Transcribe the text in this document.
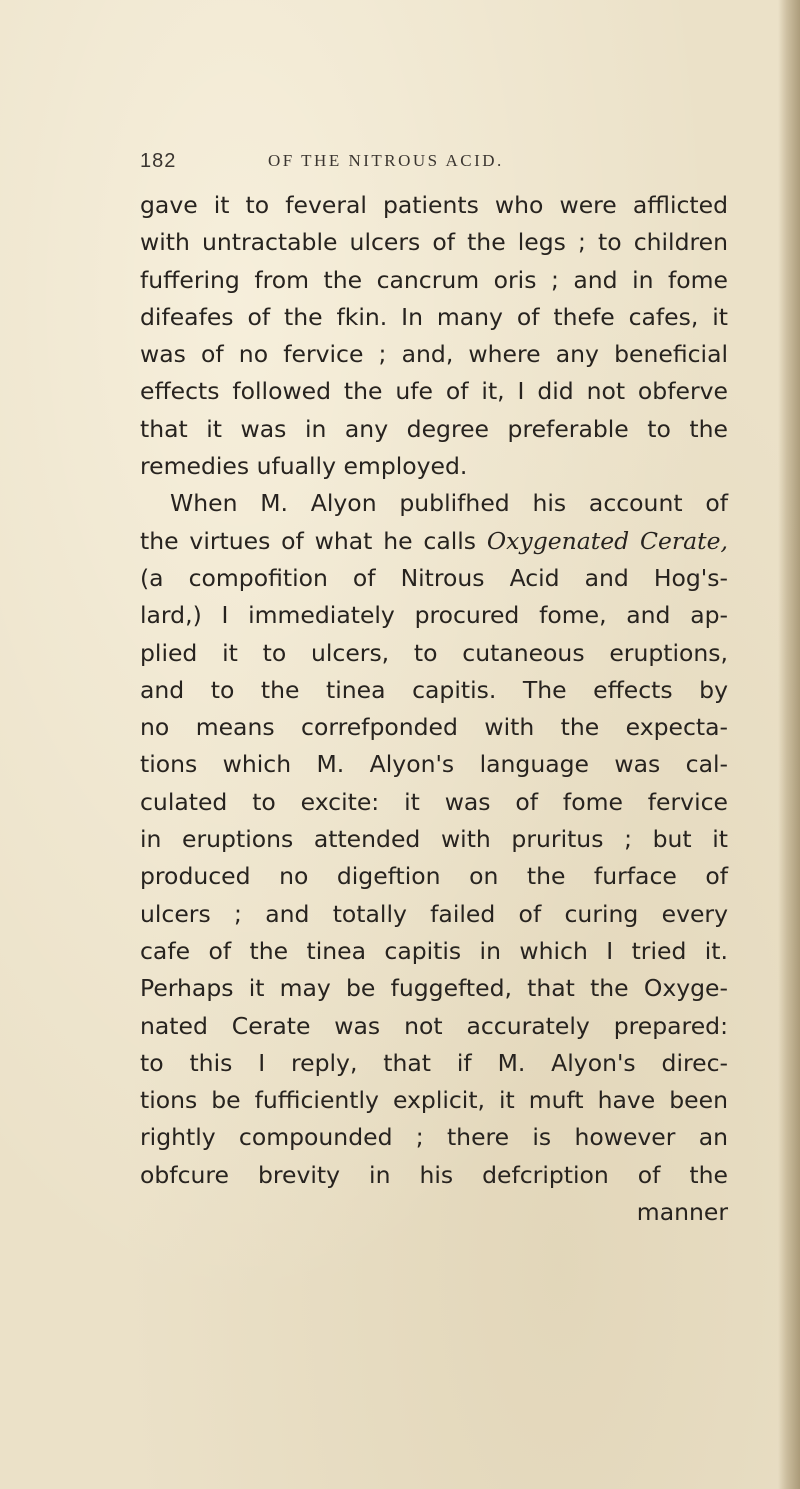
182	OF THE NITROUS ACID.
gave it to feveral patients who were afflicted
with untractable ulcers of the legs ; to children
fuffering from the cancrum oris ; and in fome
difeafes of the fkin. In many of thefe cafes, it
was of no fervice ; and, where any beneficial
effects followed the ufe of it, I did not obferve
that it was in any degree preferable to the
remedies ufually employed.
When M. Alyon publifhed his account of
the virtues of what he calls Oxygenated Cerate,
(a compofition of Nitrous Acid and Hog's-
lard,) I immediately procured fome, and ap-
plied it to ulcers, to cutaneous eruptions,
and to the tinea capitis. The effects by
no means correfponded with the expecta-
tions which M. Alyon's language was cal-
culated to excite: it was of fome fervice
in eruptions attended with pruritus ; but it
produced no digeftion on the furface of
ulcers ; and totally failed of curing every
cafe of the tinea capitis in which I tried it.
Perhaps it may be fuggefted, that the Oxyge-
nated Cerate was not accurately prepared:
to this I reply, that if M. Alyon's direc-
tions be fufficiently explicit, it muft have been
rightly compounded ; there is however an
obfcure brevity in his defcription of the
manner
